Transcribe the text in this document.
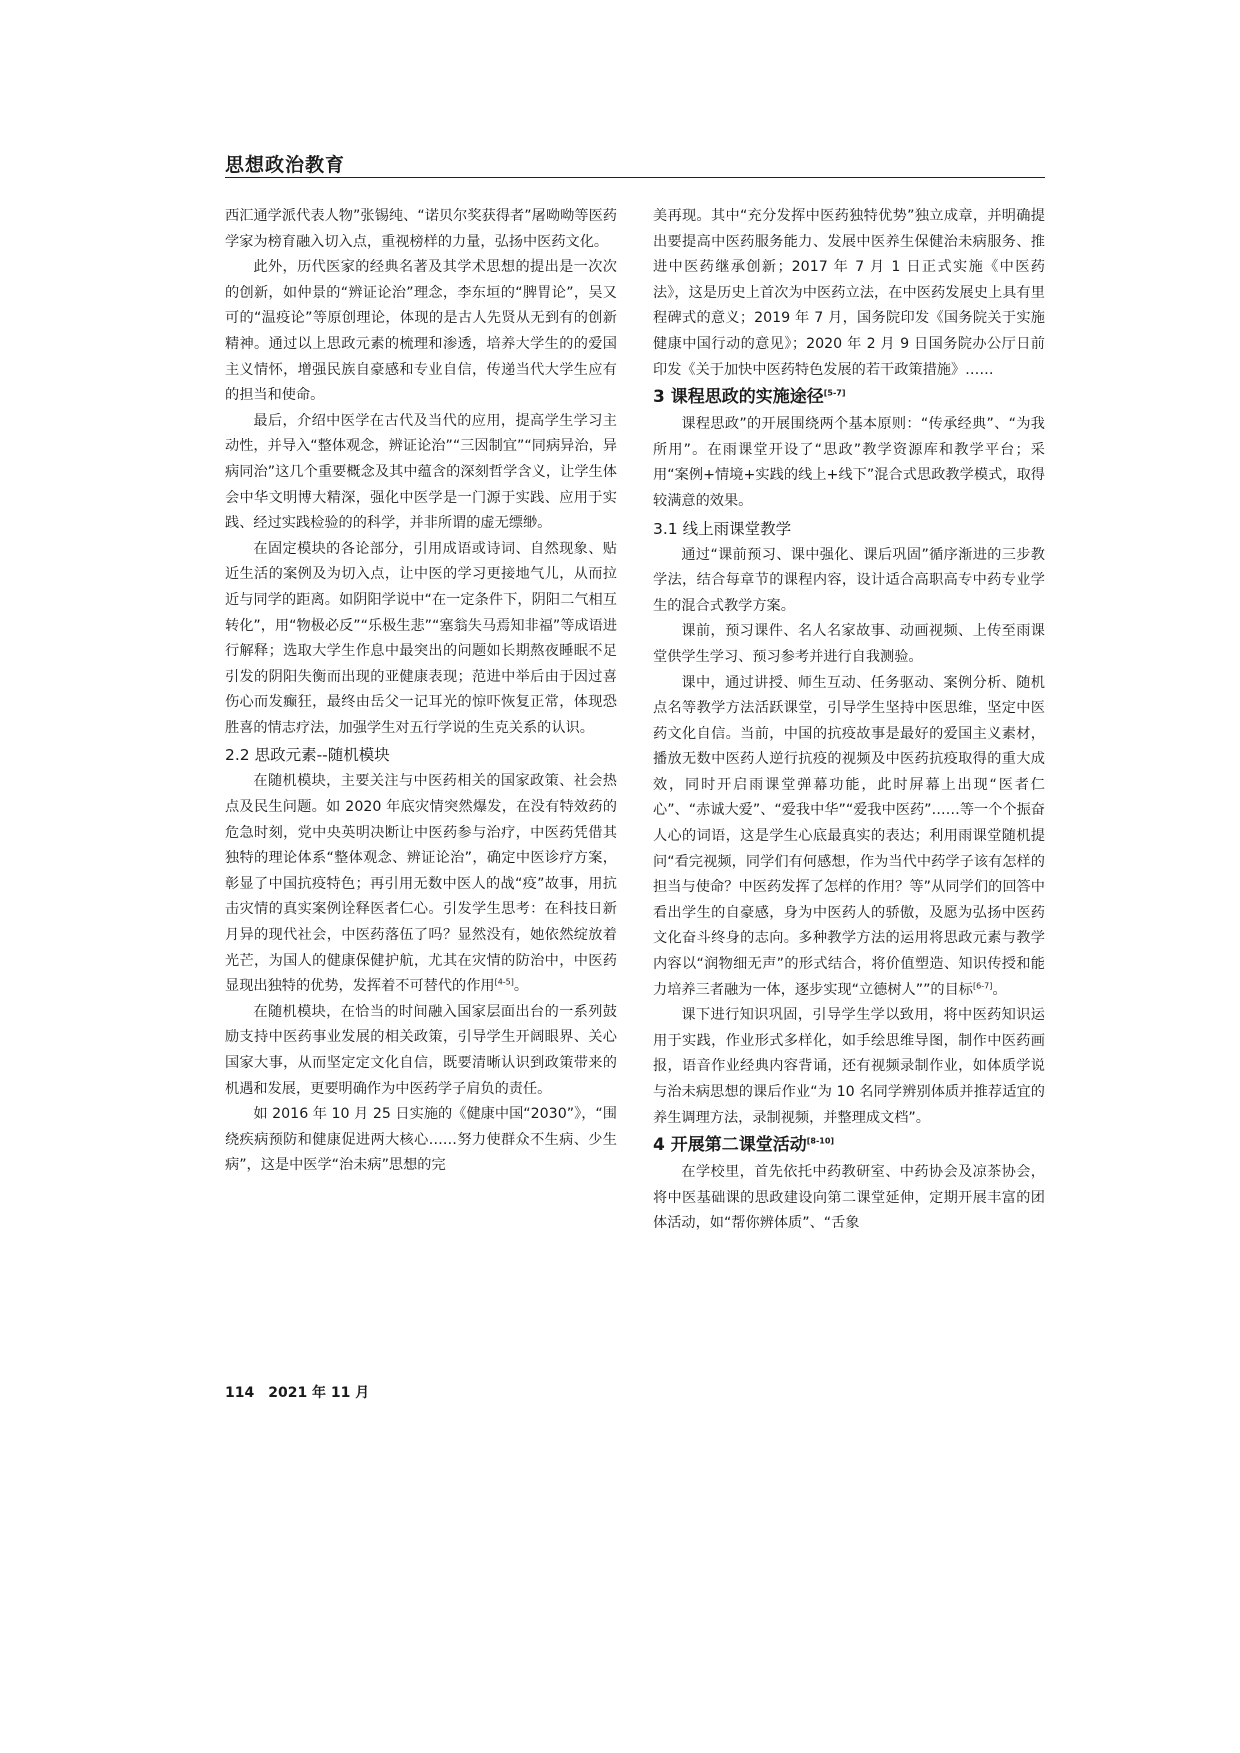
思想政治教育

西汇通学派代表人物”张锡纯、“诺贝尔奖获得者”屠呦呦等医药学家为榜育融入切入点，重视榜样的力量，弘扬中医药文化。

此外，历代医家的经典名著及其学术思想的提出是一次次的创新，如仲景的“辨证论治”理念，李东垣的“脾胃论”，吴又可的“温疫论”等原创理论，体现的是古人先贤从无到有的创新精神。通过以上思政元素的梳理和渗透，培养大学生的的爱国主义情怀，增强民族自豪感和专业自信，传递当代大学生应有的担当和使命。

最后，介绍中医学在古代及当代的应用，提高学生学习主动性，并导入“整体观念，辨证论治”“三因制宜”“同病异治，异病同治”这几个重要概念及其中蕴含的深刻哲学含义，让学生体会中华文明博大精深，强化中医学是一门源于实践、应用于实践、经过实践检验的的科学，并非所谓的虚无缥缈。

在固定模块的各论部分，引用成语或诗词、自然现象、贴近生活的案例及为切入点，让中医的学习更接地气儿，从而拉近与同学的距离。如阴阳学说中“在一定条件下，阴阳二气相互转化”，用“物极必反”“乐极生悲”“塞翁失马焉知非福”等成语进行解释；选取大学生作息中最突出的问题如长期熬夜睡眠不足引发的阴阳失衡而出现的亚健康表现；范进中举后由于因过喜伤心而发癫狂，最终由岳父一记耳光的惊吓恢复正常，体现恐胜喜的情志疗法，加强学生对五行学说的生克关系的认识。

2.2 思政元素--随机模块

在随机模块，主要关注与中医药相关的国家政策、社会热点及民生问题。如 2020 年底灾情突然爆发，在没有特效药的危急时刻，党中央英明决断让中医药参与治疗，中医药凭借其独特的理论体系“整体观念、辨证论治”，确定中医诊疗方案，彰显了中国抗疫特色；再引用无数中医人的战“疫”故事，用抗击灾情的真实案例诠释医者仁心。引发学生思考：在科技日新月异的现代社会，中医药落伍了吗？显然没有，她依然绽放着光芒，为国人的健康保健护航，尤其在灾情的防治中，中医药显现出独特的优势，发挥着不可替代的作用[4-5]。

在随机模块，在恰当的时间融入国家层面出台的一系列鼓励支持中医药事业发展的相关政策，引导学生开阔眼界、关心国家大事，从而坚定定文化自信，既要清晰认识到政策带来的机遇和发展，更要明确作为中医药学子肩负的责任。

如 2016 年 10 月 25 日实施的《健康中国“2030”》，“围绕疾病预防和健康促进两大核心……努力使群众不生病、少生病”，这是中医学“治未病”思想的完

美再现。其中“充分发挥中医药独特优势”独立成章，并明确提出要提高中医药服务能力、发展中医养生保健治未病服务、推进中医药继承创新；2017 年 7 月 1 日正式实施《中医药法》，这是历史上首次为中医药立法，在中医药发展史上具有里程碑式的意义；2019 年 7 月，国务院印发《国务院关于实施健康中国行动的意见》；2020 年 2 月 9 日国务院办公厅日前印发《关于加快中医药特色发展的若干政策措施》……

3 课程思政的实施途径[5-7]

课程思政”的开展围绕两个基本原则：“传承经典”、“为我所用”。在雨课堂开设了“思政”教学资源库和教学平台；采用“案例+情境+实践的线上+线下”混合式思政教学模式，取得较满意的效果。

3.1 线上雨课堂教学

通过“课前预习、课中强化、课后巩固”循序渐进的三步教学法，结合每章节的课程内容，设计适合高职高专中药专业学生的混合式教学方案。

课前，预习课件、名人名家故事、动画视频、上传至雨课堂供学生学习、预习参考并进行自我测验。

课中，通过讲授、师生互动、任务驱动、案例分析、随机点名等教学方法活跃课堂，引导学生坚持中医思维，坚定中医药文化自信。当前，中国的抗疫故事是最好的爱国主义素材，播放无数中医药人逆行抗疫的视频及中医药抗疫取得的重大成效，同时开启雨课堂弹幕功能，此时屏幕上出现“医者仁心”、“赤诚大爱”、“爱我中华”“爱我中医药”……等一个个振奋人心的词语，这是学生心底最真实的表达；利用雨课堂随机提问“看完视频，同学们有何感想，作为当代中药学子该有怎样的担当与使命？中医药发挥了怎样的作用？等”从同学们的回答中看出学生的自豪感，身为中医药人的骄傲，及愿为弘扬中医药文化奋斗终身的志向。多种教学方法的运用将思政元素与教学内容以“润物细无声”的形式结合，将价值塑造、知识传授和能力培养三者融为一体，逐步实现“立德树人””的目标[6-7]。

课下进行知识巩固，引导学生学以致用，将中医药知识运用于实践，作业形式多样化，如手绘思维导图，制作中医药画报，语音作业经典内容背诵，还有视频录制作业，如体质学说与治未病思想的课后作业“为 10 名同学辨别体质并推荐适宜的养生调理方法，录制视频，并整理成文档”。

4 开展第二课堂活动[8-10]

在学校里，首先依托中药教研室、中药协会及凉茶协会，将中医基础课的思政建设向第二课堂延伸，定期开展丰富的团体活动，如“帮你辨体质”、“舌象

114　2021 年 11 月
